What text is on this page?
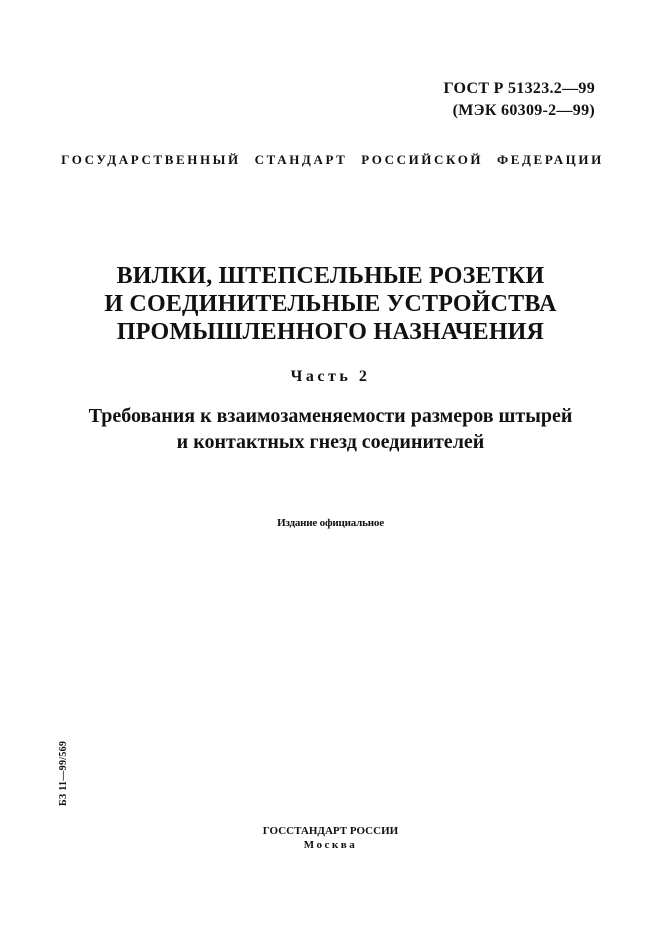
ГОСТ Р 51323.2—99
(МЭК 60309-2—99)
ГОСУДАРСТВЕННЫЙ СТАНДАРТ РОССИЙСКОЙ ФЕДЕРАЦИИ
ВИЛКИ, ШТЕПСЕЛЬНЫЕ РОЗЕТКИ
И СОЕДИНИТЕЛЬНЫЕ УСТРОЙСТВА
ПРОМЫШЛЕННОГО НАЗНАЧЕНИЯ
Часть 2
Требования к взаимозаменяемости размеров штырей
и контактных гнезд соединителей
Издание официальное
БЗ 11—99/569
ГОССТАНДАРТ РОССИИ
Москва
